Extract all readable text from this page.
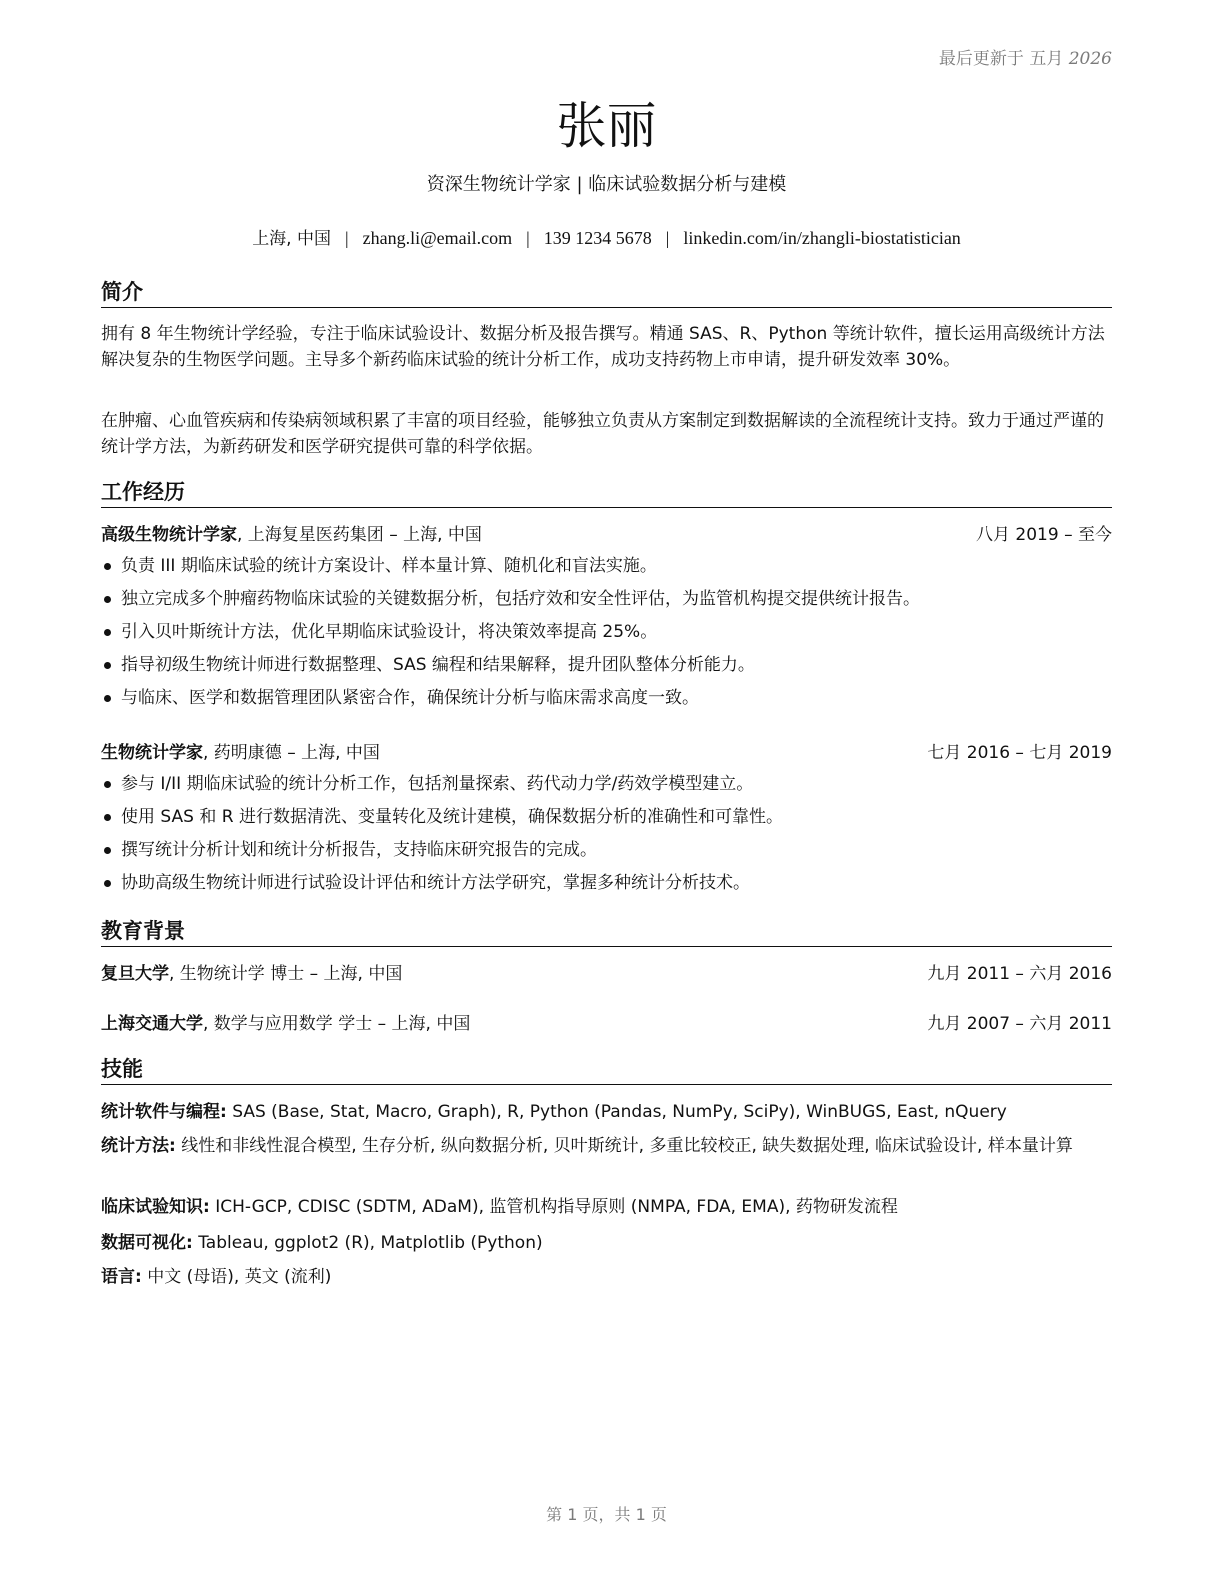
最后更新于 五月 2026
张丽
资深生物统计学家 | 临床试验数据分析与建模
上海, 中国 | zhang.li@email.com | 139 1234 5678 | linkedin.com/in/zhangli-biostatistician
简介
拥有 8 年生物统计学经验，专注于临床试验设计、数据分析及报告撰写。精通 SAS、R、Python 等统计软件，擅长运用高级统计方法解决复杂的生物医学问题。主导多个新药临床试验的统计分析工作，成功支持药物上市申请，提升研发效率 30%。
在肿瘤、心血管疾病和传染病领域积累了丰富的项目经验，能够独立负责从方案制定到数据解读的全流程统计支持。致力于通过严谨的统计学方法，为新药研发和医学研究提供可靠的科学依据。
工作经历
高级生物统计学家, 上海复星医药集团 – 上海, 中国	八月 2019 – 至今
负责 III 期临床试验的统计方案设计、样本量计算、随机化和盲法实施。
独立完成多个肿瘤药物临床试验的关键数据分析，包括疗效和安全性评估，为监管机构提交提供统计报告。
引入贝叶斯统计方法，优化早期临床试验设计，将决策效率提高 25%。
指导初级生物统计师进行数据整理、SAS 编程和结果解释，提升团队整体分析能力。
与临床、医学和数据管理团队紧密合作，确保统计分析与临床需求高度一致。
生物统计学家, 药明康德 – 上海, 中国	七月 2016 – 七月 2019
参与 I/II 期临床试验的统计分析工作，包括剂量探索、药代动力学/药效学模型建立。
使用 SAS 和 R 进行数据清洗、变量转化及统计建模，确保数据分析的准确性和可靠性。
撰写统计分析计划和统计分析报告，支持临床研究报告的完成。
协助高级生物统计师进行试验设计评估和统计方法学研究，掌握多种统计分析技术。
教育背景
复旦大学, 生物统计学 博士 – 上海, 中国	九月 2011 – 六月 2016
上海交通大学, 数学与应用数学 学士 – 上海, 中国	九月 2007 – 六月 2011
技能
统计软件与编程: SAS (Base, Stat, Macro, Graph), R, Python (Pandas, NumPy, SciPy), WinBUGS, East, nQuery
统计方法: 线性和非线性混合模型, 生存分析, 纵向数据分析, 贝叶斯统计, 多重比较校正, 缺失数据处理, 临床试验设计, 样本量计算
临床试验知识: ICH-GCP, CDISC (SDTM, ADaM), 监管机构指导原则 (NMPA, FDA, EMA), 药物研发流程
数据可视化: Tableau, ggplot2 (R), Matplotlib (Python)
语言: 中文 (母语), 英文 (流利)
第 1 页，共 1 页
